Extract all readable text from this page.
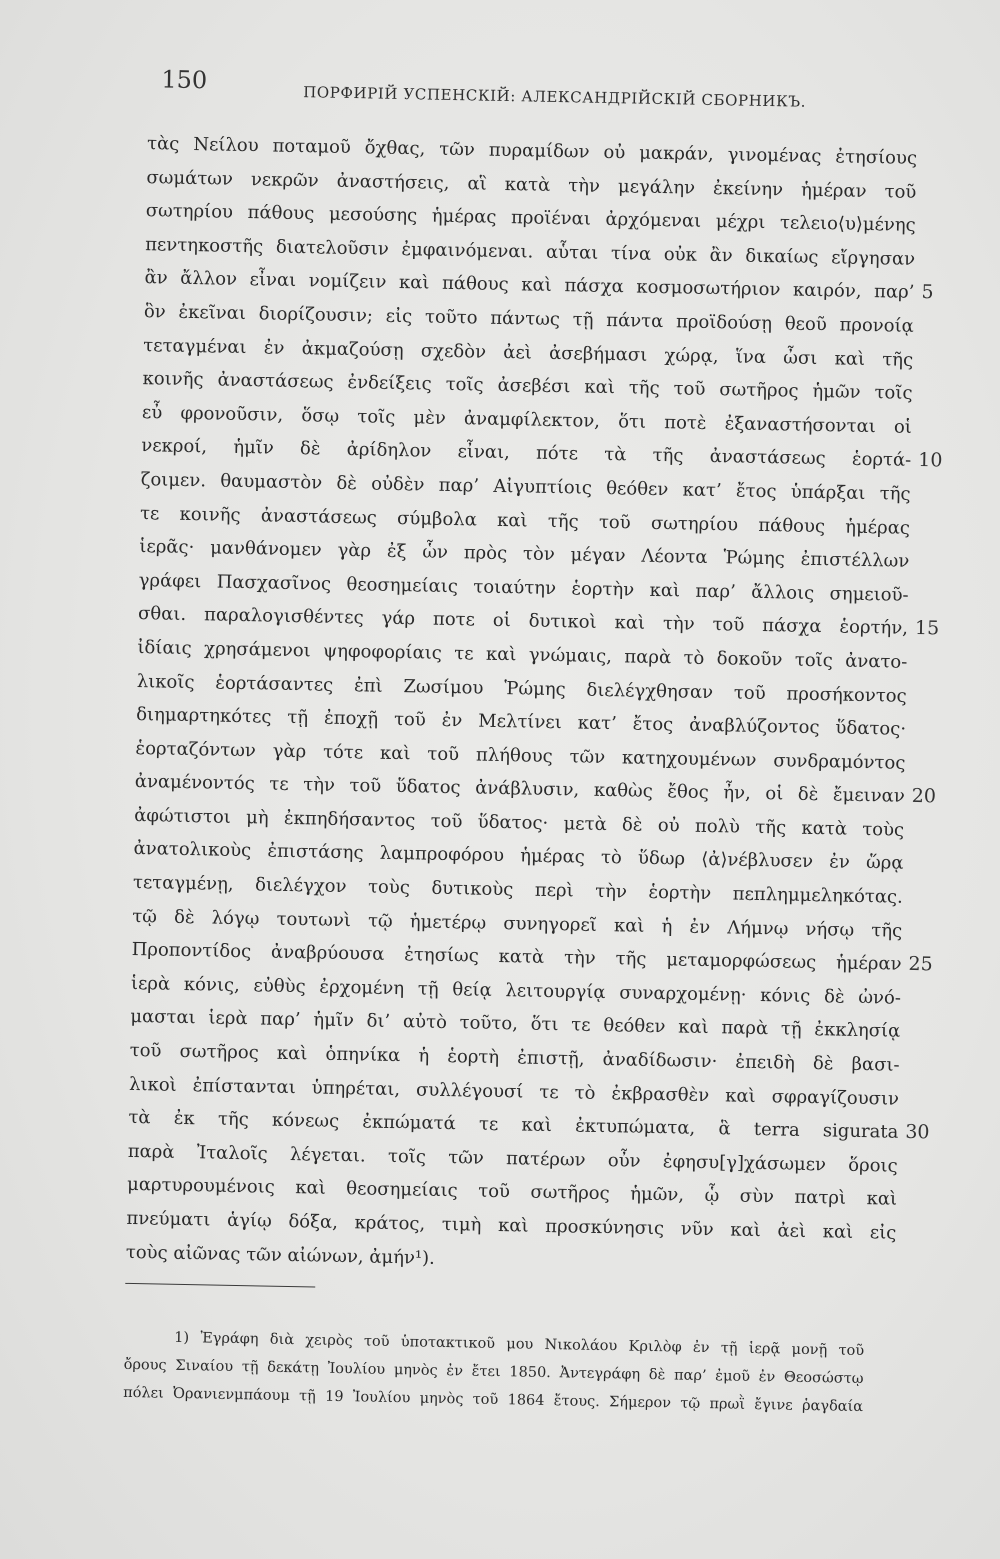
150
ПОРФИРІЙ УСПЕНСКІЙ: АЛЕКСАНДРІЙСКІЙ СБОРНИКЪ.
τὰς Νείλου ποταμοῦ ὄχθας, τῶν πυραμίδων οὐ μακράν, γινομένας ἐτησίους
σωμάτων νεκρῶν ἀναστήσεις, αἳ κατὰ τὴν μεγάλην ἐκείνην ἡμέραν τοῦ
σωτηρίου πάθους μεσούσης ἡμέρας προϊέναι ἀρχόμεναι μέχρι τελειο⟨υ⟩μένης
πεντηκοστῆς διατελοῦσιν ἐμφαινόμεναι. αὗται τίνα οὐκ ἂν δικαίως εἴργησαν
ἂν ἄλλον εἶναι νομίζειν καὶ πάθους καὶ πάσχα κοσμοσωτήριον καιρόν, παρ’
ὃν ἐκεῖναι διορίζουσιν; εἰς τοῦτο πάντως τῇ πάντα προϊδούσῃ θεοῦ προνοίᾳ
τεταγμέναι ἐν ἀκμαζούσῃ σχεδὸν ἀεὶ ἀσεβήμασι χώρᾳ, ἵνα ὦσι καὶ τῆς
κοινῆς ἀναστάσεως ἐνδείξεις τοῖς ἀσεβέσι καὶ τῆς τοῦ σωτῆρος ἡμῶν τοῖς
εὖ φρονοῦσιν, ὅσῳ τοῖς μὲν ἀναμφίλεκτον, ὅτι ποτὲ ἐξαναστήσονται οἱ
νεκροί, ἡμῖν δὲ ἀρίδηλον εἶναι, πότε τὰ τῆς ἀναστάσεως ἑορτά-
ζοιμεν. θαυμαστὸν δὲ οὐδὲν παρ’ Αἰγυπτίοις θεόθεν κατ’ ἔτος ὑπάρξαι τῆς
τε κοινῆς ἀναστάσεως σύμβολα καὶ τῆς τοῦ σωτηρίου πάθους ἡμέρας
ἱερᾶς· μανθάνομεν γὰρ ἐξ ὧν πρὸς τὸν μέγαν Λέοντα Ῥώμης ἐπιστέλλων
γράφει Πασχασῖνος θεοσημείαις τοιαύτην ἑορτὴν καὶ παρ’ ἄλλοις σημειοῦ-
σθαι. παραλογισθέντες γάρ ποτε οἱ δυτικοὶ καὶ τὴν τοῦ πάσχα ἑορτήν,
ἰδίαις χρησάμενοι ψηφοφορίαις τε καὶ γνώμαις, παρὰ τὸ δοκοῦν τοῖς ἀνατο-
λικοῖς ἑορτάσαντες ἐπὶ Ζωσίμου Ῥώμης διελέγχθησαν τοῦ προσήκοντος
διημαρτηκότες τῇ ἐποχῇ τοῦ ἐν Μελτίνει κατ’ ἔτος ἀναβλύζοντος ὕδατος·
ἑορταζόντων γὰρ τότε καὶ τοῦ πλήθους τῶν κατηχουμένων συνδραμόντος
ἀναμένοντός τε τὴν τοῦ ὕδατος ἀνάβλυσιν, καθὼς ἔθος ἦν, οἱ δὲ ἔμειναν
ἀφώτιστοι μὴ ἐκπηδήσαντος τοῦ ὕδατος· μετὰ δὲ οὐ πολὺ τῆς κατὰ τοὺς
ἀνατολικοὺς ἐπιστάσης λαμπροφόρου ἡμέρας τὸ ὕδωρ ⟨ἀ⟩νέβλυσεν ἐν ὥρᾳ
τεταγμένῃ, διελέγχον τοὺς δυτικοὺς περὶ τὴν ἑορτὴν πεπλημμεληκότας.
τῷ δὲ λόγῳ τουτωνὶ τῷ ἡμετέρῳ συνηγορεῖ καὶ ἡ ἐν Λήμνῳ νήσῳ τῆς
Προποντίδος ἀναβρύουσα ἐτησίως κατὰ τὴν τῆς μεταμορφώσεως ἡμέραν
ἱερὰ κόνις, εὐθὺς ἐρχομένη τῇ θείᾳ λειτουργίᾳ συναρχομένῃ· κόνις δὲ ὠνό-
μασται ἱερὰ παρ’ ἡμῖν δι’ αὐτὸ τοῦτο, ὅτι τε θεόθεν καὶ παρὰ τῇ ἐκκλησίᾳ
τοῦ σωτῆρος καὶ ὁπηνίκα ἡ ἑορτὴ ἐπιστῇ, ἀναδίδωσιν· ἐπειδὴ δὲ βασι-
λικοὶ ἐπίστανται ὑπηρέται, συλλέγουσί τε τὸ ἐκβρασθὲν καὶ σφραγίζουσιν
τὰ ἐκ τῆς κόνεως ἐκπώματά τε καὶ ἐκτυπώματα, ἃ terra sigurata
παρὰ Ἰταλοῖς λέγεται. τοῖς τῶν πατέρων οὖν ἐφησυ[γ]χάσωμεν ὅροις
μαρτυρουμένοις καὶ θεοσημείαις τοῦ σωτῆρος ἡμῶν, ᾧ σὺν πατρὶ καὶ
πνεύματι ἁγίῳ δόξα, κράτος, τιμὴ καὶ προσκύνησις νῦν καὶ ἀεὶ καὶ εἰς
τοὺς αἰῶνας τῶν αἰώνων, ἀμήν¹).
5
10
15
20
25
30
1) Ἐγράφη διὰ χειρὸς τοῦ ὑποτακτικοῦ μου Νικολάου Κριλὸφ ἐν τῇ ἱερᾷ μονῇ τοῦ
ὄρους Σιναίου τῇ δεκάτῃ Ἰουλίου μηνὸς ἐν ἔτει 1850. Ἀντεγράφη δὲ παρ’ ἐμοῦ ἐν Θεοσώστῳ
πόλει Ὀρανιενμπάουμ τῇ 19 Ἰουλίου μηνὸς τοῦ 1864 ἔτους. Σήμερον τῷ πρωῒ ἔγινε ῥαγδαία
